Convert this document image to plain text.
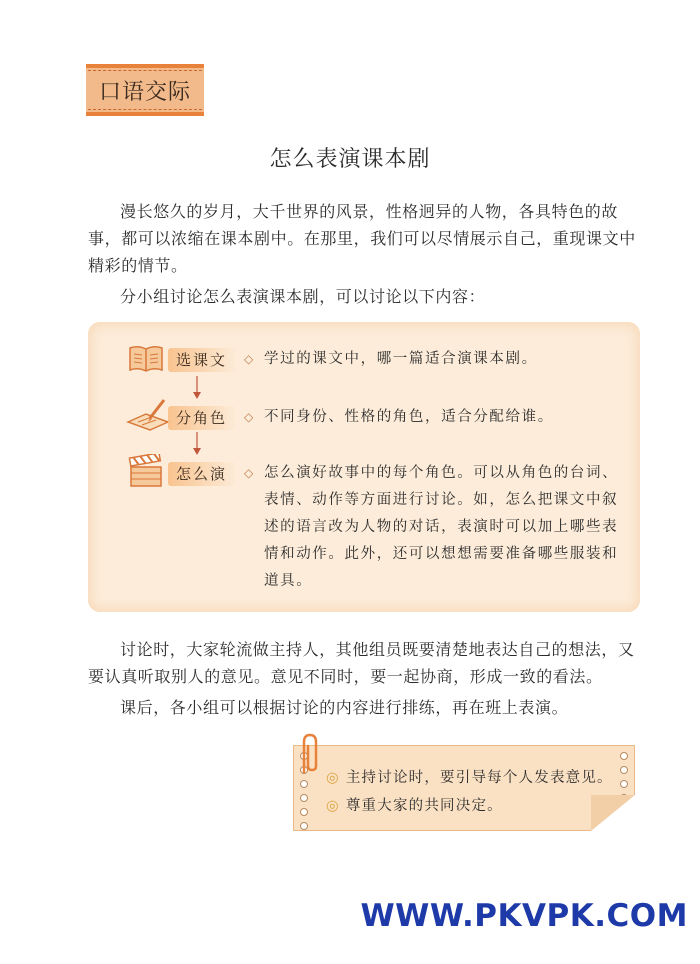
口语交际
怎么表演课本剧

漫长悠久的岁月，大千世界的风景，性格迥异的人物，各具特色的故事，都可以浓缩在课本剧中。在那里，我们可以尽情展示自己，重现课文中精彩的情节。

分小组讨论怎么表演课本剧，可以讨论以下内容：

选课文	◇ 学过的课文中，哪一篇适合演课本剧。

分角色	◇ 不同身份、性格的角色，适合分配给谁。

怎么演	◇ 怎么演好故事中的每个角色。可以从角色的台词、表情、动作等方面进行讨论。如，怎么把课文中叙述的语言改为人物的对话，表演时可以加上哪些表情和动作。此外，还可以想想需要准备哪些服装和道具。

讨论时，大家轮流做主持人，其他组员既要清楚地表达自己的想法，又要认真听取别人的意见。意见不同时，要一起协商，形成一致的看法。

课后，各小组可以根据讨论的内容进行排练，再在班上表演。

◎ 主持讨论时，要引导每个人发表意见。

◎ 尊重大家的共同决定。

WWW.PKVPK.COM
